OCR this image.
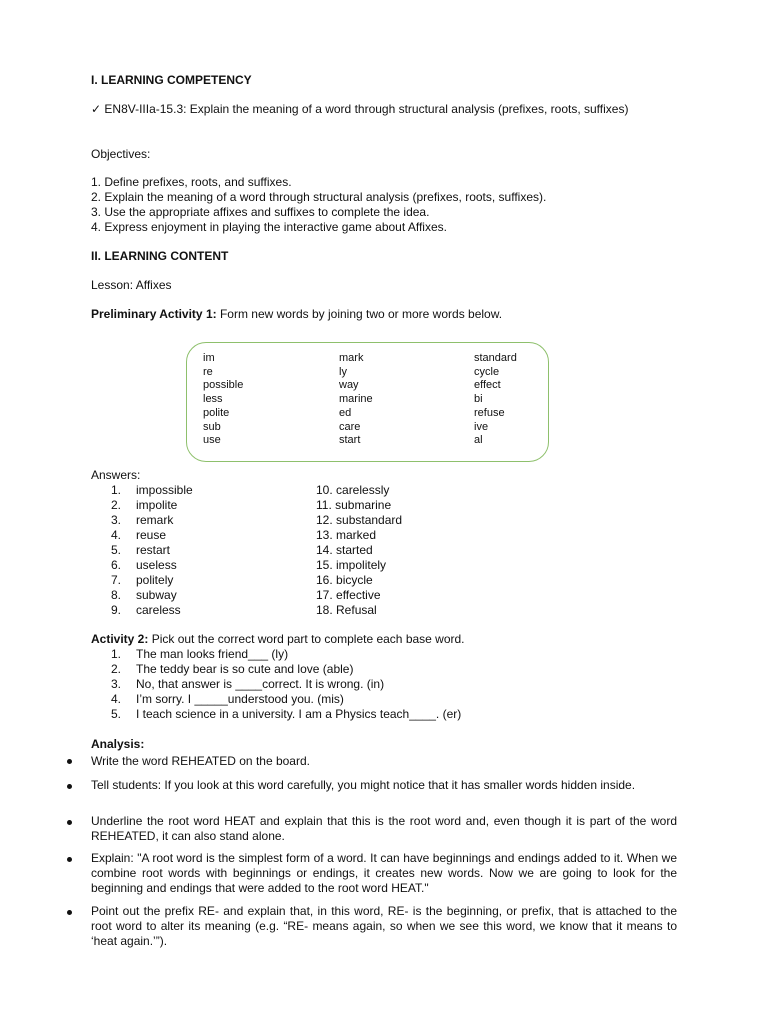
I. LEARNING COMPETENCY
✓ EN8V-IIIa-15.3: Explain the meaning of a word through structural analysis (prefixes, roots, suffixes)
Objectives:
1. Define prefixes, roots, and suffixes.
2. Explain the meaning of a word through structural analysis (prefixes, roots, suffixes).
3. Use the appropriate affixes and suffixes to complete the idea.
4. Express enjoyment in playing the interactive game about Affixes.
II. LEARNING CONTENT
Lesson: Affixes
Preliminary Activity 1: Form new words by joining two or more words below.
im
re
possible
less
polite
sub
use
mark
ly
way
marine
ed
care
start
standard
cycle
effect
bi
refuse
ive
al
Answers:
1. impossible
2. impolite
3. remark
4. reuse
5. restart
6. useless
7. politely
8. subway
9. careless
10. carelessly
11. submarine
12. substandard
13. marked
14. started
15. impolitely
16. bicycle
17. effective
18. Refusal
Activity 2: Pick out the correct word part to complete each base word.
1. The man looks friend___ (ly)
2. The teddy bear is so cute and love (able)
3. No, that answer is ____correct. It is wrong. (in)
4. I’m sorry. I _____understood you. (mis)
5. I teach science in a university. I am a Physics teach____. (er)
Analysis:
Write the word REHEATED on the board.
Tell students: If you look at this word carefully, you might notice that it has smaller words hidden inside.
Underline the root word HEAT and explain that this is the root word and, even though it is part of the word REHEATED, it can also stand alone.
Explain: "A root word is the simplest form of a word. It can have beginnings and endings added to it. When we combine root words with beginnings or endings, it creates new words. Now we are going to look for the beginning and endings that were added to the root word HEAT."
Point out the prefix RE- and explain that, in this word, RE- is the beginning, or prefix, that is attached to the root word to alter its meaning (e.g. “RE- means again, so when we see this word, we know that it means to ‘heat again.’”).
